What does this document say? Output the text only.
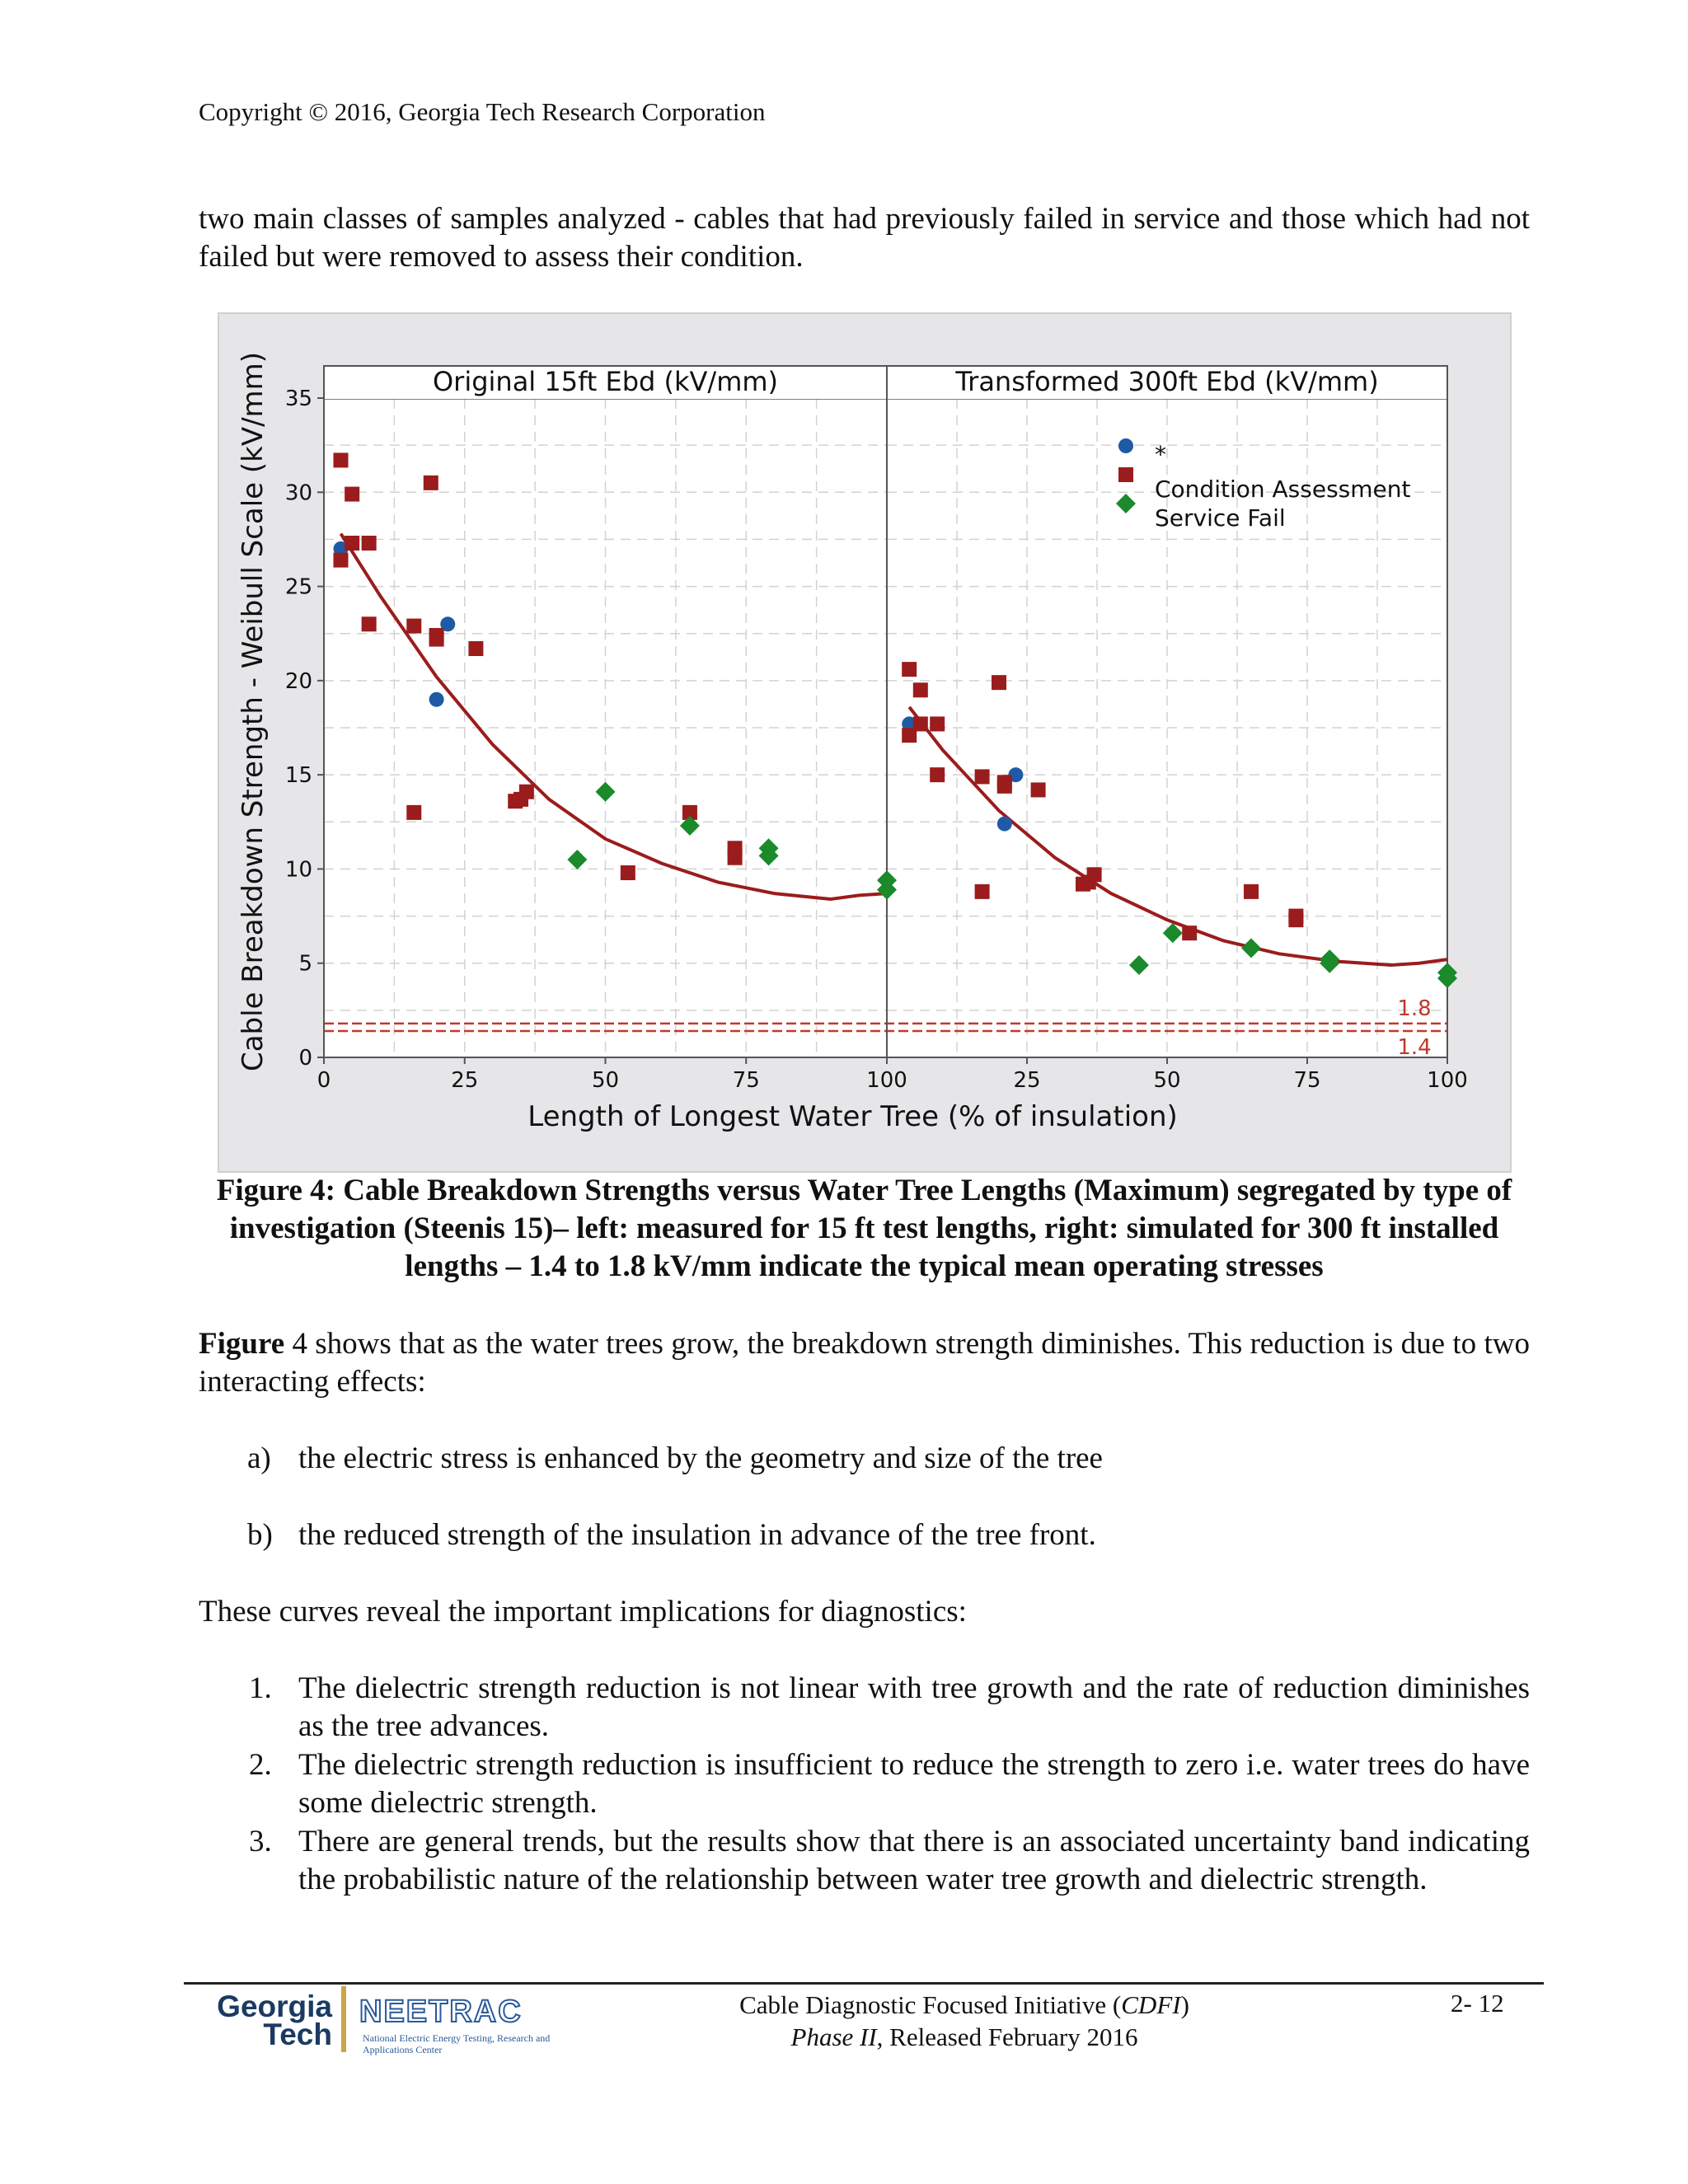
Copyright © 2016, Georgia Tech Research Corporation
two main classes of samples analyzed - cables that had previously failed in service and those which had not failed but were removed to assess their condition.
1.8
1.4
Original 15ft Ebd (kV/mm)	Transformed 300ft Ebd (kV/mm)
0
5
10
15
20
25
30
35
0	25	50	75	100	25	50	75	100
Length of Longest Water Tree (% of insulation)
Cable Breakdown Strength - Weibull Scale (kV/mm)	*
Condition Assessment
Service Fail
Figure 4: Cable Breakdown Strengths versus Water Tree Lengths (Maximum) segregated by type of investigation (Steenis 15)– left: measured for 15 ft test lengths, right: simulated for 300 ft installed lengths – 1.4 to 1.8 kV/mm indicate the typical mean operating stresses
Figure 4 shows that as the water trees grow, the breakdown strength diminishes. This reduction is due to two interacting effects:
a) the electric stress is enhanced by the geometry and size of the tree
b) the reduced strength of the insulation in advance of the tree front.
These curves reveal the important implications for diagnostics:
1. The dielectric strength reduction is not linear with tree growth and the rate of reduction diminishes as the tree advances.
2. The dielectric strength reduction is insufficient to reduce the strength to zero i.e. water trees do have some dielectric strength.
3. There are general trends, but the results show that there is an associated uncertainty band indicating the probabilistic nature of the relationship between water tree growth and dielectric strength.
Georgia
Tech
NEETRAC
National Electric Energy Testing, Research and Applications Center
Cable Diagnostic Focused Initiative (CDFI)
Phase II, Released February 2016
2- 12
